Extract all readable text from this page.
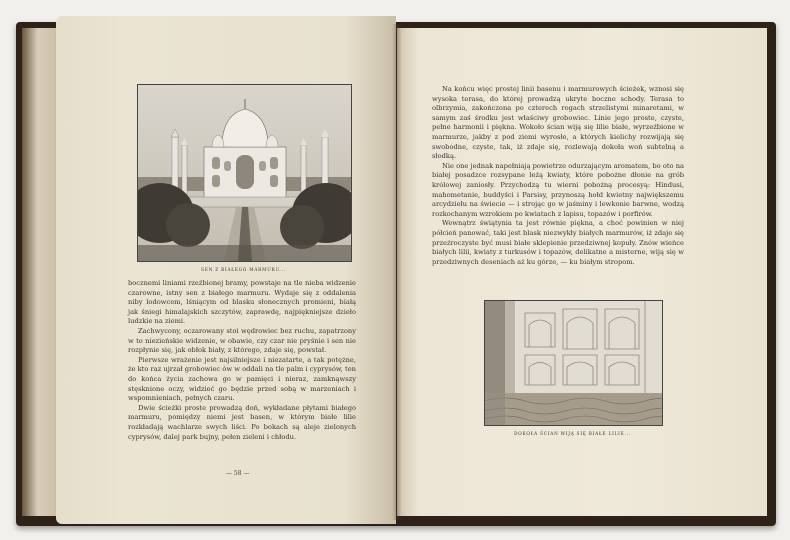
SEN Z BIAŁEGO MARMURU...

bocznemi liniami rzeźbionej bramy, powstaje na tle nieba widzenie czarowne, istny sen z białego marmuru. Wydaje się z oddalenia niby lodowcem, lśniącym od blasku słonecznych promieni, białą jak śniegi himalajskich szczytów, zaprawdę, najpiękniejsze dzieło ludzkie na ziemi.

Zachwycony, oczarowany stoi wędrowiec bez ruchu, zapatrzony w to niezieńskie widzenie, w obawie, czy czar nie pryśnie i sen nie rozpłynie się, jak obłok biały, z którego, zdaje się, powstał.

Pierwsze wrażenie jest najsilniejsze i niezatarte, a tak potężne, że kto raz ujrzał grobowiec ów w oddali na tle palm i cyprysów, ten do końca życia zachowa go w pamięci i nieraz, zamknąwszy stęsknione oczy, widzieć go będzie przed sobą w marzeniach i wspomnieniach, pełnych czaru.

Dwie ścieżki proste prowadzą doń, wykładane płytami białego marmuru, pomiędzy niemi jest basen, w którym białe lilie rozkładają wachlarze swych liści. Po bokach są aleje zielonych cyprysów, dalej park bujny, pełen zieleni i chłodu.

— 58 —

Na końcu więc prostej linii basenu i marmurowych ścieżek, wznosi się wysoka terasa, do której prowadzą ukryte boczne schody. Terasa to olbrzymia, zakończona po czterech rogach strzelistymi minaretami, w samym zaś środku jest właściwy grobowiec. Linie jego proste, czyste, pełne harmonii i piękna. Wokoło ścian wiją się lilie białe, wyrzeźbione w marmurze, jakby z pod ziemi wyrosłe, a których kielichy rozwijają się swobodne, czyste, tak, iż zdaje się, rozlewają dokoła woń subtelną a słodką.

Nie one jednak napełniają powietrze odurzającym aromatem, bo oto na białej posadzce rozsypane leżą kwiaty, które pobożne dłonie na grób królowej zaniosły. Przychodzą tu wierni pobożną procesyą: Hindusi, mahometanie, buddyści i Parsisy, przynoszą hołd kwietny największemu arcydziełu na świecie — i strojąc go w jaśminy i lewkonie barwne, wodzą rozkochanym wzrokiem po kwiatach z lapisu, topazów i porfirów.

Wewnątrz świątynia ta jest równie piękna, a choć powinien w niej półcień panować, taki jest blask niezwykły białych marmurów, iż zdaje się przeźroczyste być musi białe sklepienie przedziwnej kopuły. Znów wieńce białych lilii, kwiaty z turkusów i topazów, delikatne a misterne, wiją się w przedziwnych deseniach aż ku górze, — ku białym stropom.

DOKOŁA ŚCIAN WIJĄ SIĘ BIAŁE LILIE...
